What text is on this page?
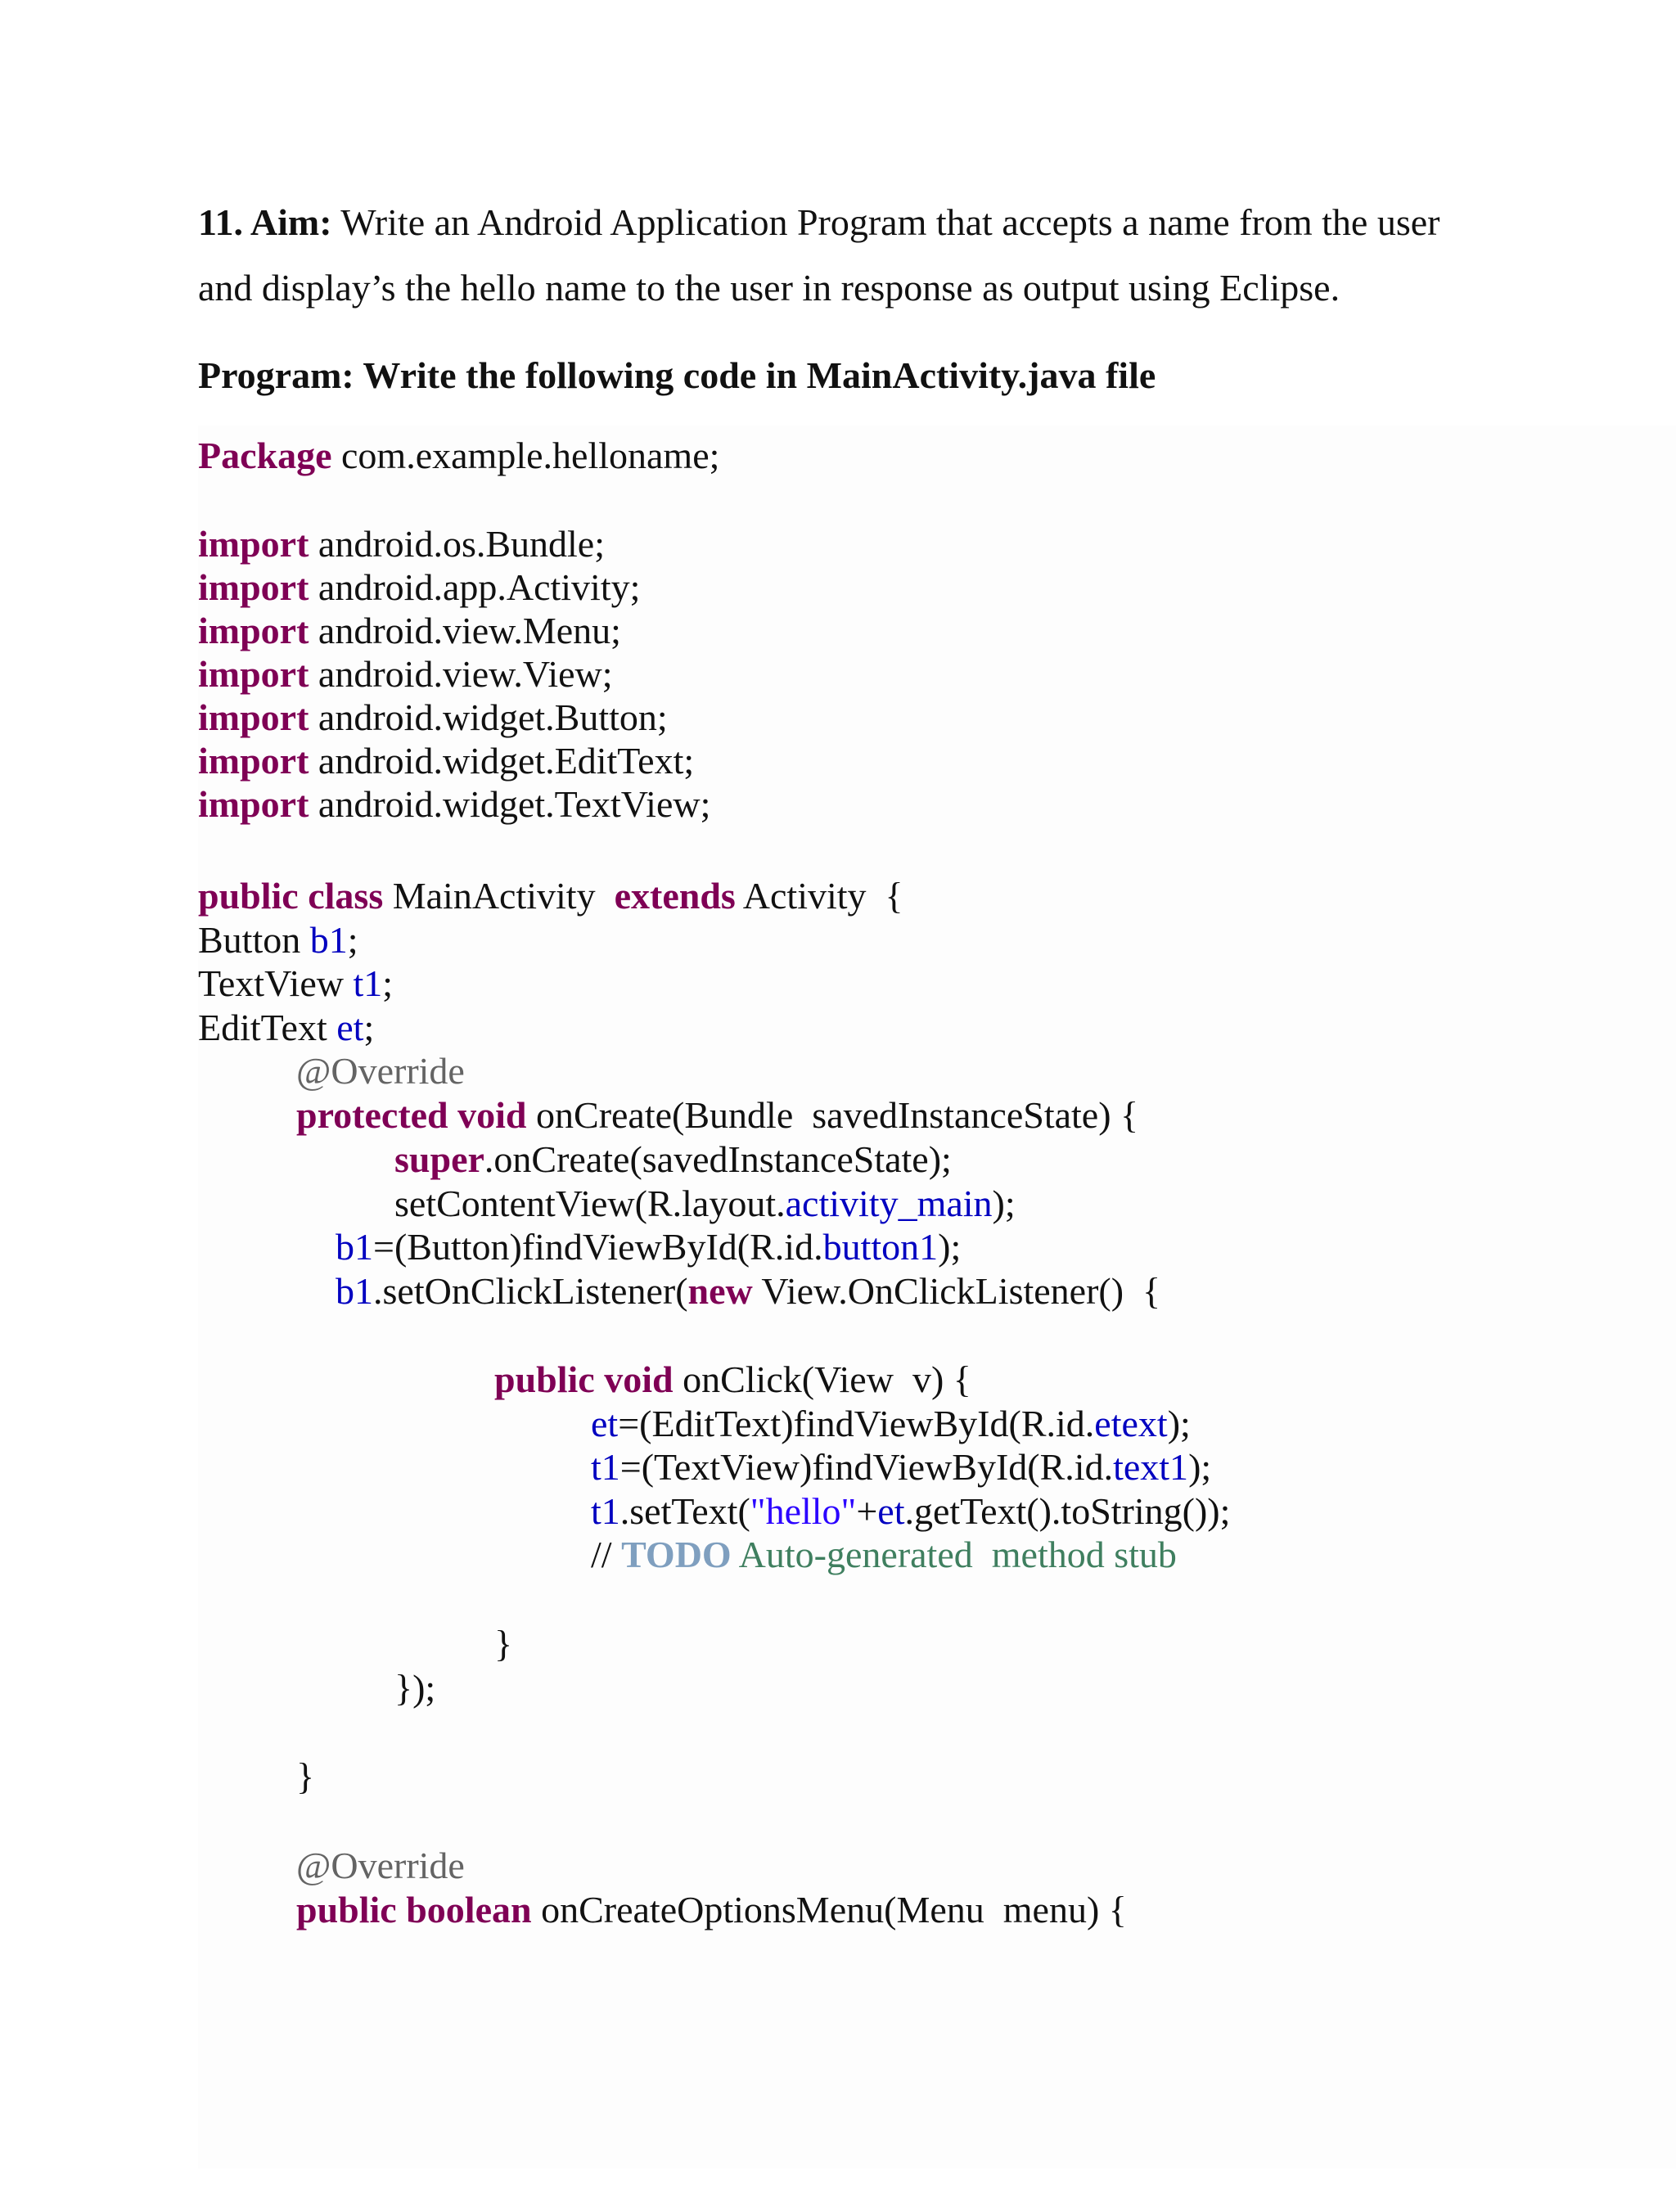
11. Aim: Write an Android Application Program that accepts a name from the user
and display’s the hello name to the user in response as output using Eclipse.
Program: Write the following code in MainActivity.java file

Package com.example.helloname;

import android.os.Bundle;

import android.app.Activity;

import android.view.Menu;

import android.view.View;

import android.widget.Button;

import android.widget.EditText;

import android.widget.TextView;

public class MainActivity  extends Activity  {

Button b1;

TextView t1;

EditText et;

@Override

protected void onCreate(Bundle  savedInstanceState) {

super.onCreate(savedInstanceState);

setContentView(R.layout.activity_main);

b1=(Button)findViewById(R.id.button1);

b1.setOnClickListener(new View.OnClickListener()  {

public void onClick(View  v) {

et=(EditText)findViewById(R.id.etext);

t1=(TextView)findViewById(R.id.text1);

t1.setText("hello"+et.getText().toString());

// TODO Auto-generated  method stub

}

});

}

@Override

public boolean onCreateOptionsMenu(Menu  menu) {
